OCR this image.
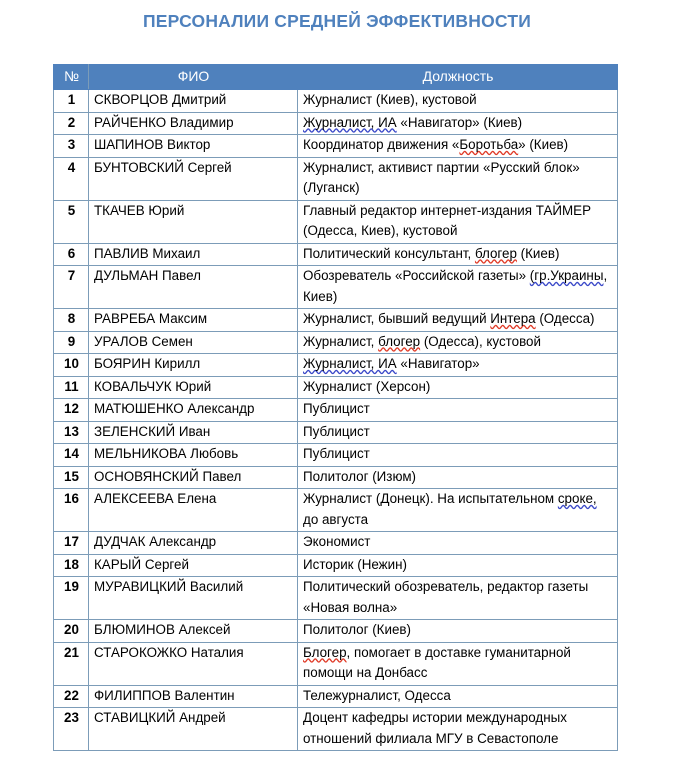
ПЕРСОНАЛИИ СРЕДНЕЙ ЭФФЕКТИВНОСТИ
№	ФИО	Должность
1	СКВОРЦОВ Дмитрий	Журналист (Киев), кустовой
2	РАЙЧЕНКО Владимир	Журналист, ИА «Навигатор» (Киев)
3	ШАПИНОВ Виктор	Координатор движения «Боротьба» (Киев)
4	БУНТОВСКИЙ Сергей	Журналист, активист партии «Русский блок» (Луганск)
5	ТКАЧЕВ Юрий	Главный редактор интернет-издания ТАЙМЕР (Одесса, Киев), кустовой
6	ПАВЛИВ Михаил	Политический консультант, блогер (Киев)
7	ДУЛЬМАН Павел	Обозреватель «Российской газеты» (гр.Украины, Киев)
8	РАВРЕБА Максим	Журналист, бывший ведущий Интера (Одесса)
9	УРАЛОВ Семен	Журналист, блогер (Одесса), кустовой
10	БОЯРИН Кирилл	Журналист, ИА «Навигатор»
11	КОВАЛЬЧУК Юрий	Журналист (Херсон)
12	МАТЮШЕНКО Александр	Публицист
13	ЗЕЛЕНСКИЙ Иван	Публицист
14	МЕЛЬНИКОВА Любовь	Публицист
15	ОСНОВЯНСКИЙ Павел	Политолог (Изюм)
16	АЛЕКСЕЕВА Елена	Журналист (Донецк). На испытательном сроке, до августа
17	ДУДЧАК Александр	Экономист
18	КАРЫЙ Сергей	Историк (Нежин)
19	МУРАВИЦКИЙ Василий	Политический обозреватель, редактор газеты «Новая волна»
20	БЛЮМИНОВ Алексей	Политолог (Киев)
21	СТАРОКОЖКО Наталия	Блогер, помогает в доставке гуманитарной помощи на Донбасс
22	ФИЛИППОВ Валентин	Тележурналист, Одесса
23	СТАВИЦКИЙ Андрей	Доцент кафедры истории международных отношений филиала МГУ в Севастополе
